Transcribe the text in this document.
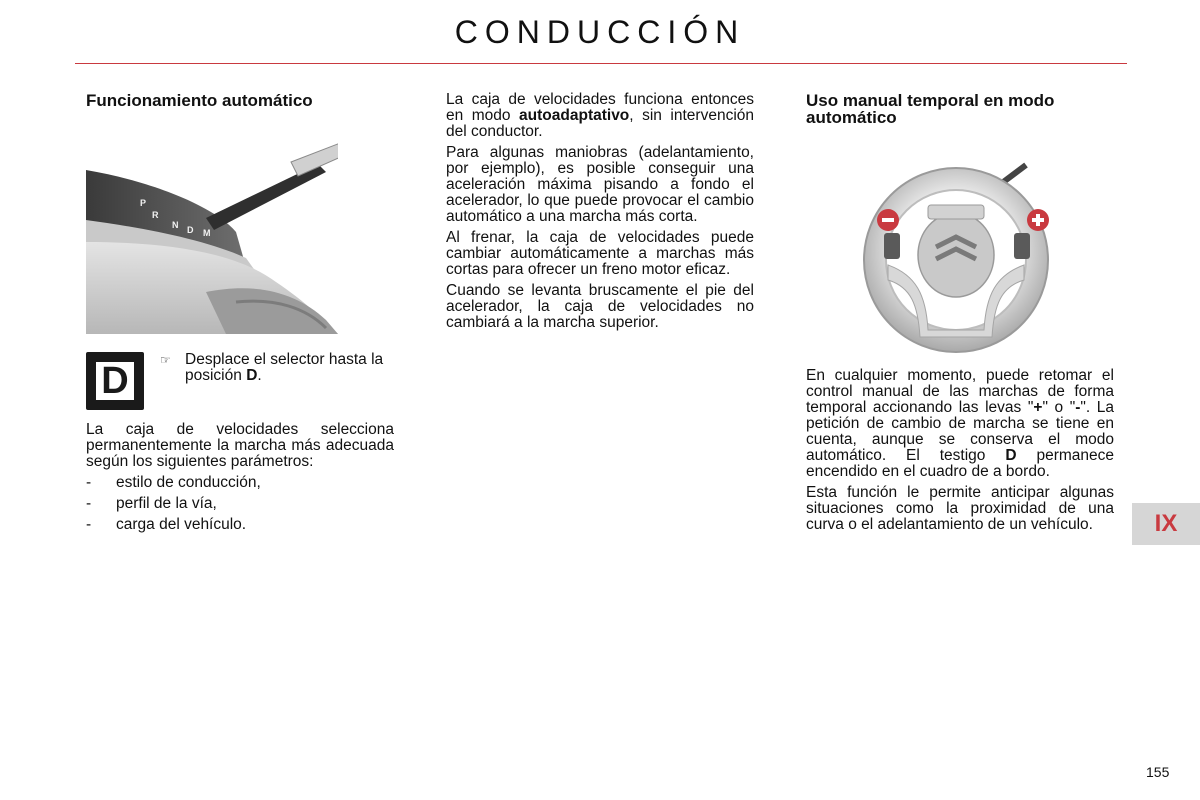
CONDUCCIÓN
Funcionamiento automático
P
R
N D M
D	☞ Desplace el selector hasta la posición D.

La caja de velocidades selecciona permanentemente la marcha más adecuada según los siguientes parámetros:

- estilo de conducción,
- perfil de la vía,
- carga del vehículo.

La caja de velocidades funciona entonces en modo autoadaptativo, sin intervención del conductor.

Para algunas maniobras (adelantamiento, por ejemplo), es posible conseguir una aceleración máxima pisando a fondo el acelerador, lo que puede provocar el cambio automático a una marcha más corta.

Al frenar, la caja de velocidades puede cambiar automáticamente a marchas más cortas para ofrecer un freno motor eficaz.

Cuando se levanta bruscamente el pie del acelerador, la caja de velocidades no cambiará a la marcha superior.

Uso manual temporal en modo automático

En cualquier momento, puede retomar el control manual de las marchas de forma temporal accionando las levas "+" o "-". La petición de cambio de marcha se tiene en cuenta, aunque se conserva el modo automático. El testigo D permanece encendido en el cuadro de a bordo.

Esta función le permite anticipar algunas situaciones como la proximidad de una curva o el adelantamiento de un vehículo.	IX
155
